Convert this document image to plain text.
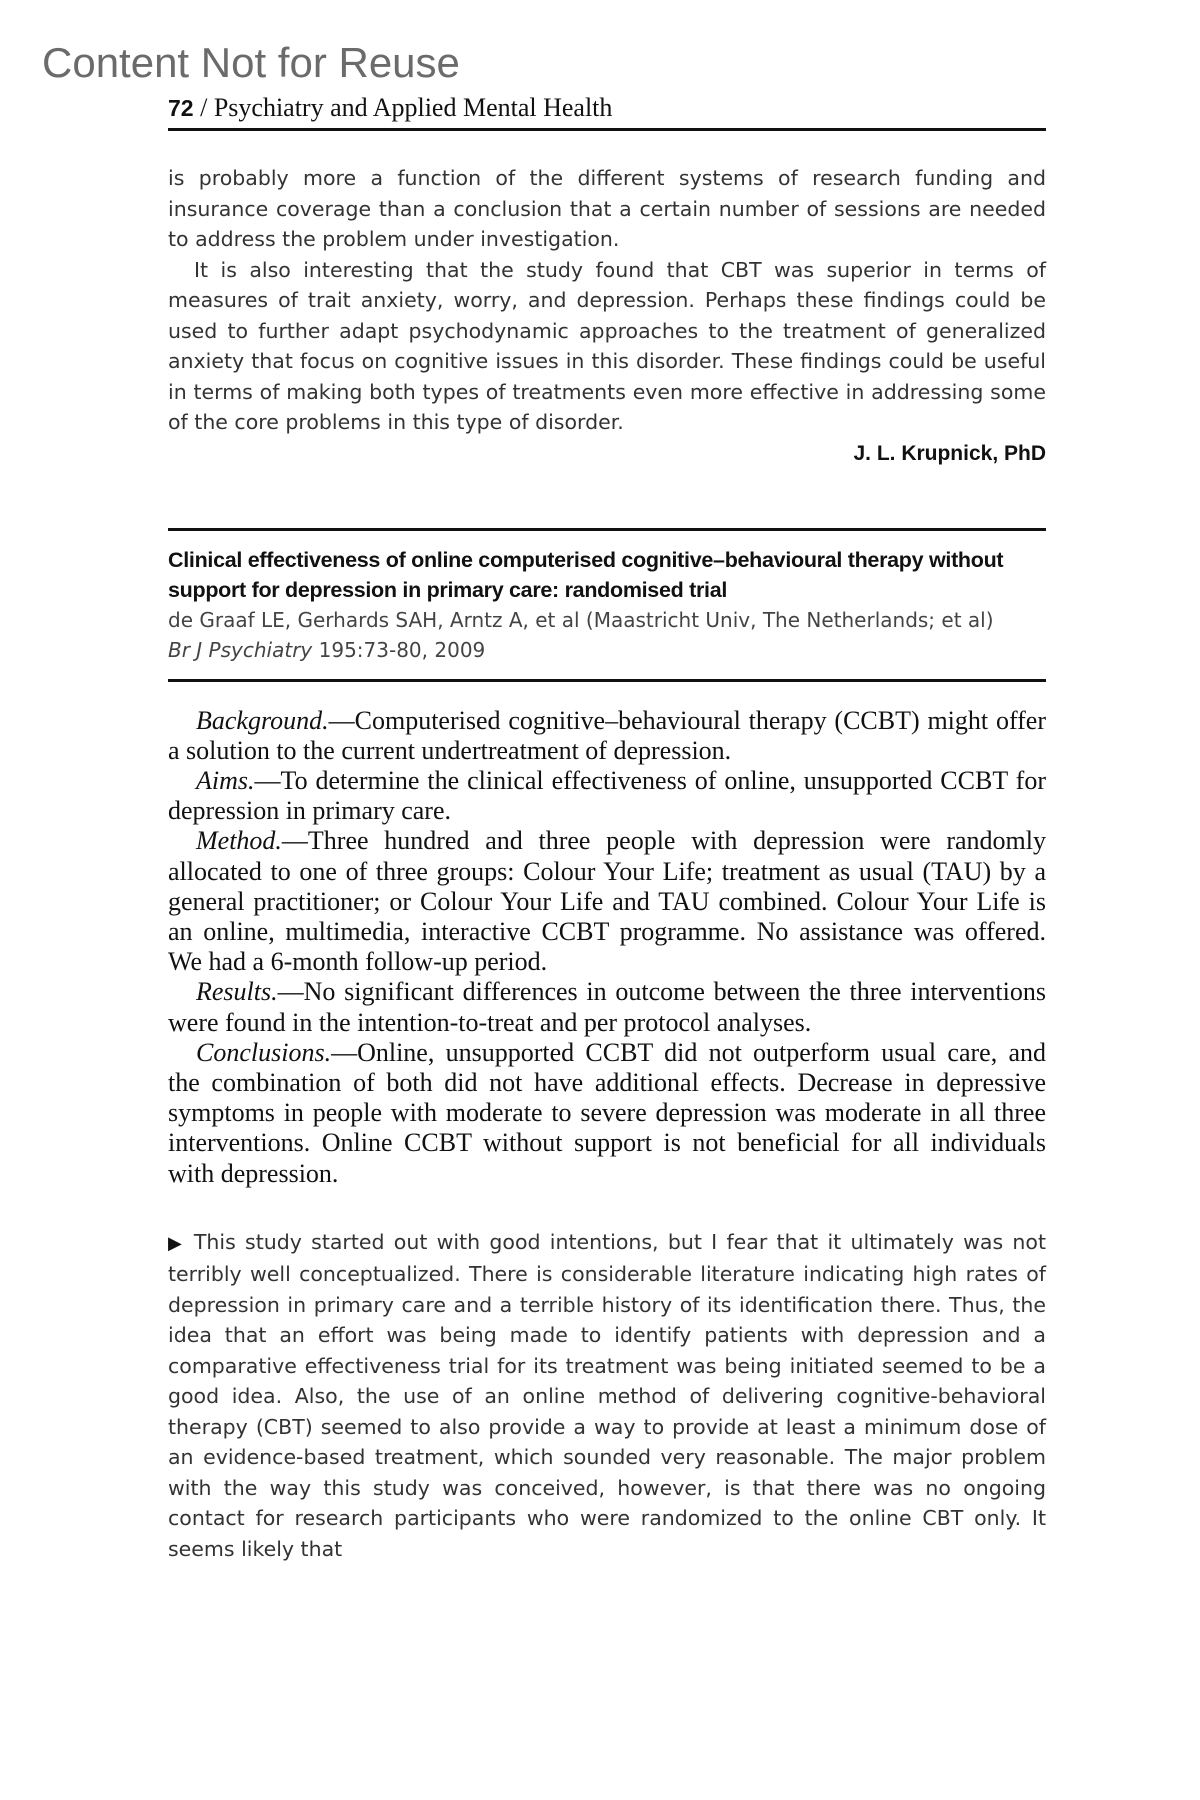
Content Not for Reuse
72 / Psychiatry and Applied Mental Health

is probably more a function of the different systems of research funding and insurance coverage than a conclusion that a certain number of sessions are needed to address the problem under investigation.

It is also interesting that the study found that CBT was superior in terms of measures of trait anxiety, worry, and depression. Perhaps these findings could be used to further adapt psychodynamic approaches to the treatment of generalized anxiety that focus on cognitive issues in this disorder. These findings could be useful in terms of making both types of treatments even more effective in addressing some of the core problems in this type of disorder.

J. L. Krupnick, PhD

Clinical effectiveness of online computerised cognitive–behavioural therapy without support for depression in primary care: randomised trial

de Graaf LE, Gerhards SAH, Arntz A, et al (Maastricht Univ, The Netherlands; et al)

Br J Psychiatry 195:73-80, 2009

Background.—Computerised cognitive–behavioural therapy (CCBT) might offer a solution to the current undertreatment of depression.

Aims.—To determine the clinical effectiveness of online, unsupported CCBT for depression in primary care.

Method.—Three hundred and three people with depression were randomly allocated to one of three groups: Colour Your Life; treatment as usual (TAU) by a general practitioner; or Colour Your Life and TAU combined. Colour Your Life is an online, multimedia, interactive CCBT programme. No assistance was offered. We had a 6-month follow-up period.

Results.—No significant differences in outcome between the three interventions were found in the intention-to-treat and per protocol analyses.

Conclusions.—Online, unsupported CCBT did not outperform usual care, and the combination of both did not have additional effects. Decrease in depressive symptoms in people with moderate to severe depression was moderate in all three interventions. Online CCBT without support is not beneficial for all individuals with depression.

▶ This study started out with good intentions, but I fear that it ultimately was not terribly well conceptualized. There is considerable literature indicating high rates of depression in primary care and a terrible history of its identification there. Thus, the idea that an effort was being made to identify patients with depression and a comparative effectiveness trial for its treatment was being initiated seemed to be a good idea. Also, the use of an online method of delivering cognitive-behavioral therapy (CBT) seemed to also provide a way to provide at least a minimum dose of an evidence-based treatment, which sounded very reasonable. The major problem with the way this study was conceived, however, is that there was no ongoing contact for research participants who were randomized to the online CBT only. It seems likely that
